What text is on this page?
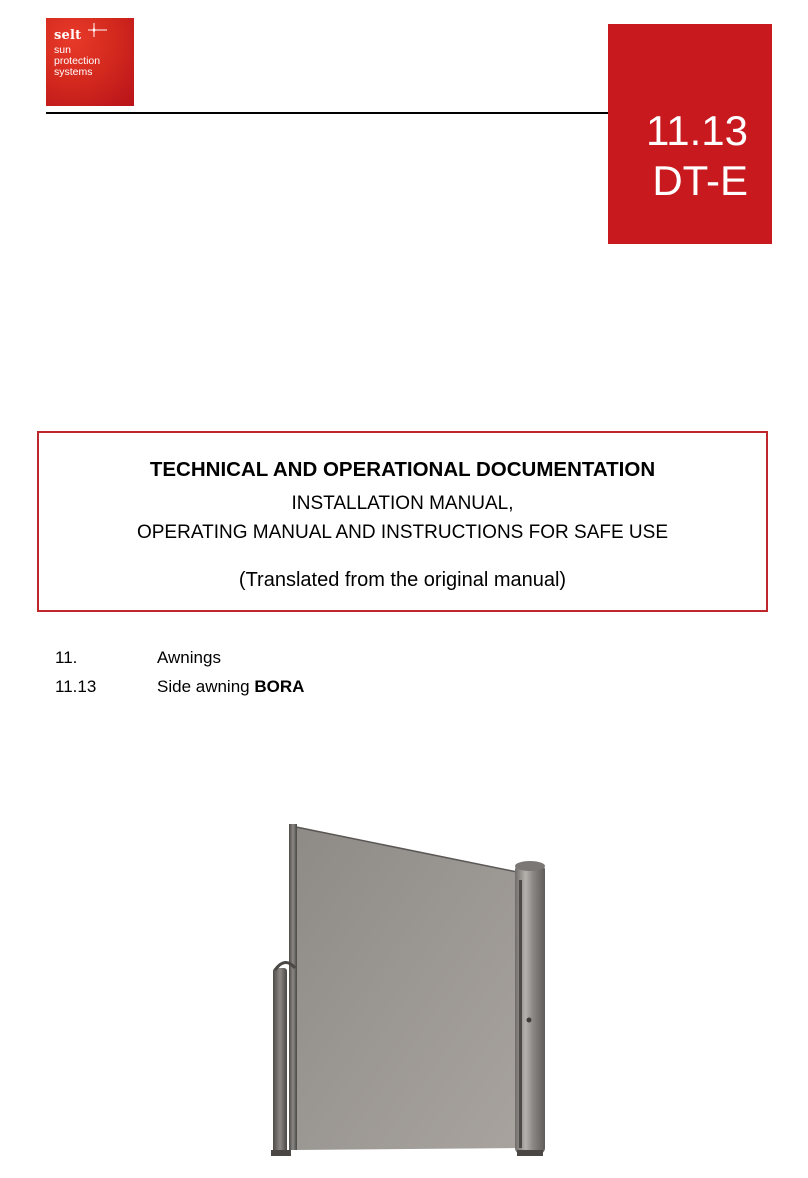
selt
sun
protection
systems
11.13
DT-E
TECHNICAL AND OPERATIONAL DOCUMENTATION
INSTALLATION MANUAL,
OPERATING MANUAL AND INSTRUCTIONS FOR SAFE USE
(Translated from the original manual)
11.	Awnings
11.13	Side awning BORA
